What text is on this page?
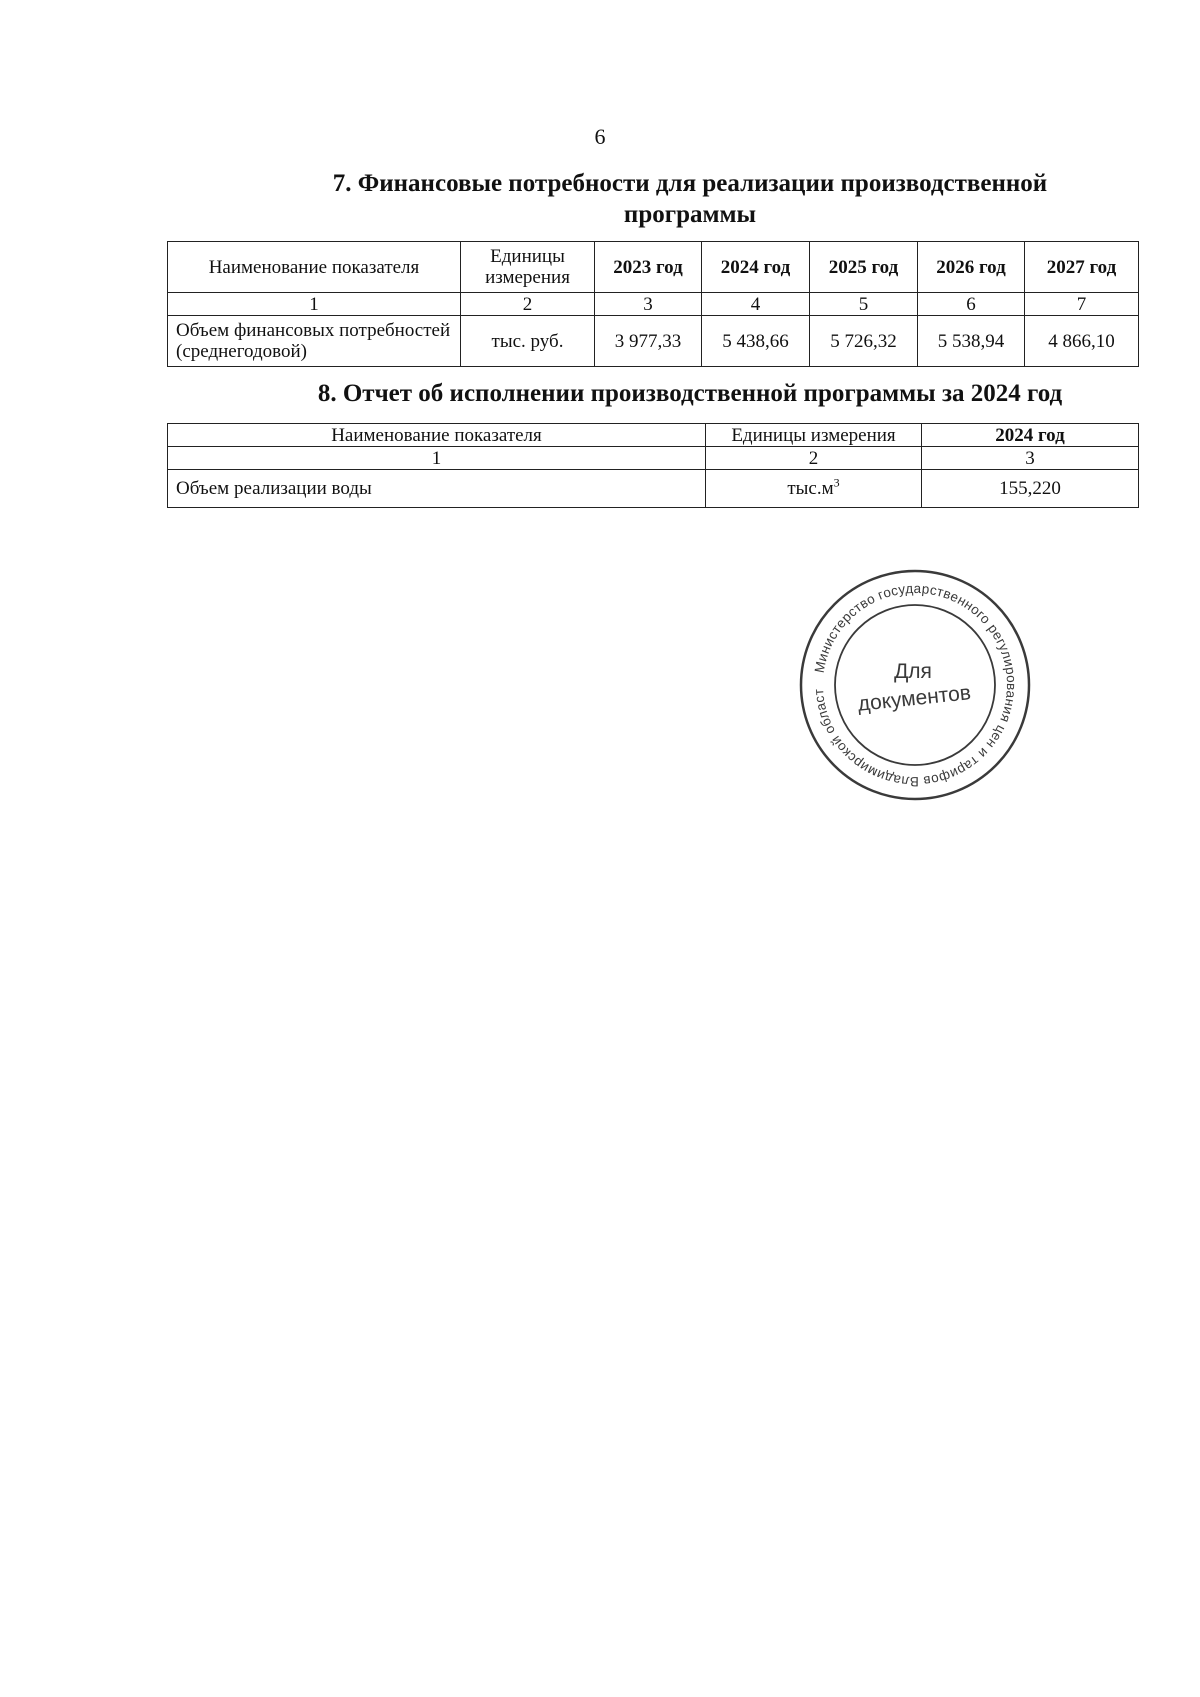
6
7. Финансовые потребности для реализации производственной программы
Наименование показателя	Единицы измерения	2023 год	2024 год	2025 год	2026 год	2027 год
1	2	3	4	5	6	7
Объем финансовых потребностей (среднегодовой)	тыс. руб.	3 977,33	5 438,66	5 726,32	5 538,94	4 866,10
8. Отчет об исполнении производственной программы за 2024 год
Наименование показателя	Единицы измерения	2024 год
1	2	3
Объем реализации воды	$тыс.м^3$	155,220
Министерство государственного регулирования цен и тарифов Владимирской област
Для
документов
